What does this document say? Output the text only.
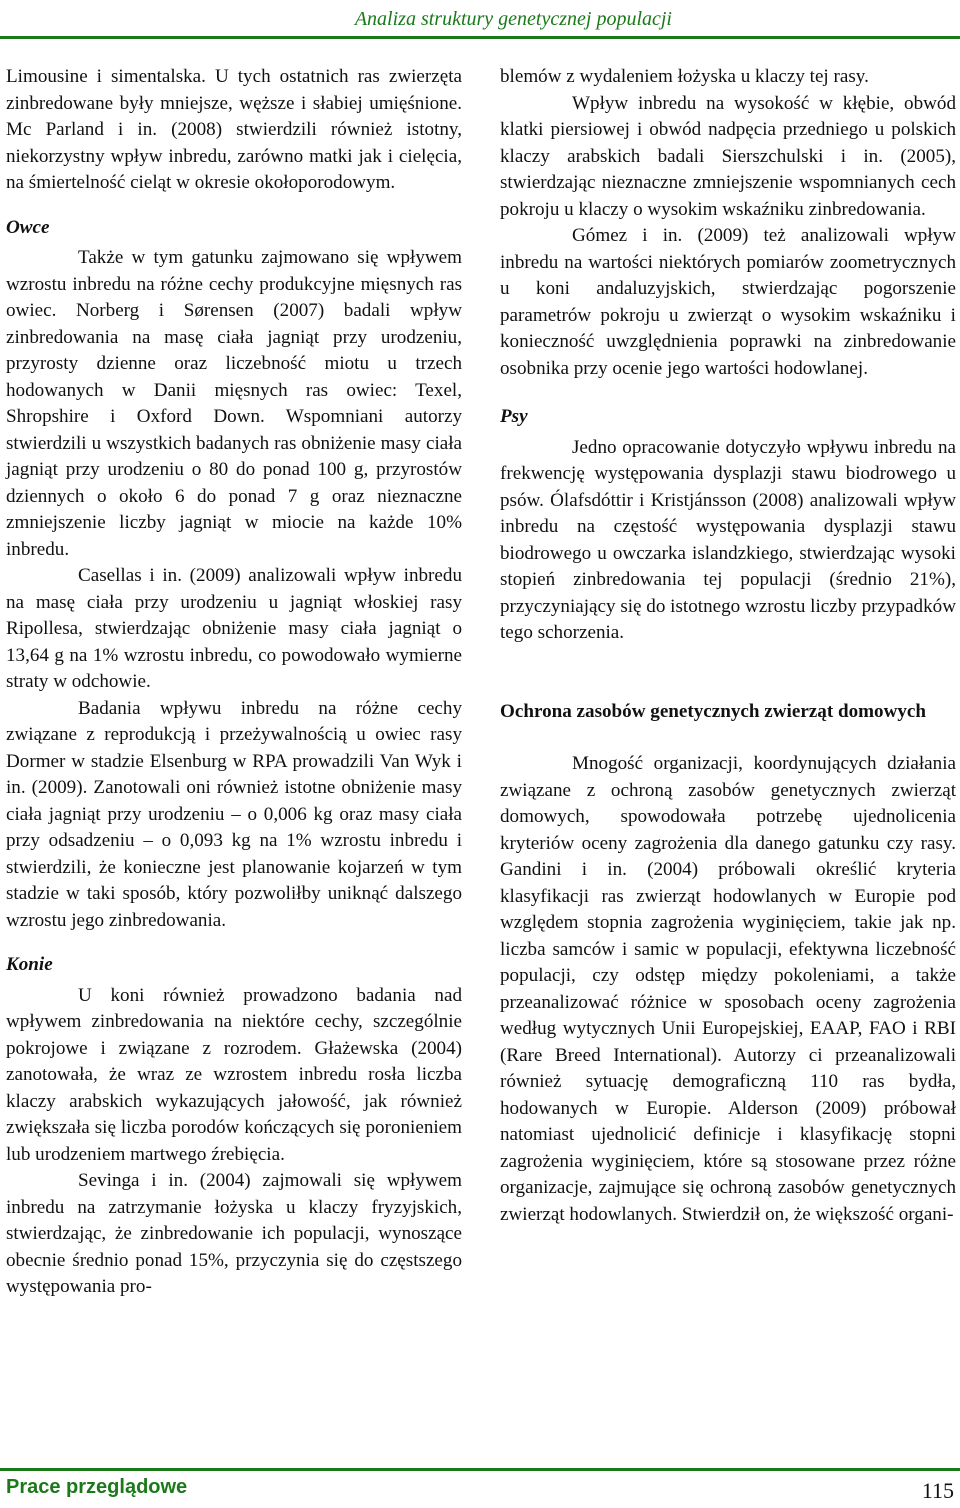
Analiza struktury genetycznej populacji

Limousine i simentalska. U tych ostatnich ras zwierzęta zinbredowane były mniejsze, węższe i słabiej umięśnione. Mc Parland i in. (2008) stwierdzili również istotny, niekorzystny wpływ inbredu, zarówno matki jak i cielęcia, na śmiertelność cieląt w okresie okołoporodowym.

Owce

Także w tym gatunku zajmowano się wpływem wzrostu inbredu na różne cechy produkcyjne mięsnych ras owiec. Norberg i Sørensen (2007) badali wpływ zinbredowania na masę ciała jagniąt przy urodzeniu, przyrosty dzienne oraz liczebność miotu u trzech hodowanych w Danii mięsnych ras owiec: Texel, Shropshire i Oxford Down. Wspomniani autorzy stwierdzili u wszystkich badanych ras obniżenie masy ciała jagniąt przy urodzeniu o 80 do ponad 100 g, przyrostów dziennych o około 6 do ponad 7 g oraz nieznaczne zmniejszenie liczby jagniąt w miocie na każde 10% inbredu.

Casellas i in. (2009) analizowali wpływ inbredu na masę ciała przy urodzeniu u jagniąt włoskiej rasy Ripollesa, stwierdzając obniżenie masy ciała jagniąt o 13,64 g na 1% wzrostu inbredu, co powodowało wymierne straty w odchowie.

Badania wpływu inbredu na różne cechy związane z reprodukcją i przeżywalnością u owiec rasy Dormer w stadzie Elsenburg w RPA prowadzili Van Wyk i in. (2009). Zanotowali oni również istotne obniżenie masy ciała jagniąt przy urodzeniu – o 0,006 kg oraz masy ciała przy odsadzeniu – o 0,093 kg na 1% wzrostu inbredu i stwierdzili, że konieczne jest planowanie kojarzeń w tym stadzie w taki sposób, który pozwoliłby uniknąć dalszego wzrostu jego zinbredowania.

Konie

U koni również prowadzono badania nad wpływem zinbredowania na niektóre cechy, szczególnie pokrojowe i związane z rozrodem. Głażewska (2004) zanotowała, że wraz ze wzrostem inbredu rosła liczba klaczy arabskich wykazujących jałowość, jak również zwiększała się liczba porodów kończących się poronieniem lub urodzeniem martwego źrebięcia.

Sevinga i in. (2004) zajmowali się wpływem inbredu na zatrzymanie łożyska u klaczy fryzyjskich, stwierdzając, że zinbredowanie ich populacji, wynoszące obecnie średnio ponad 15%, przyczynia się do częstszego występowania pro-

blemów z wydaleniem łożyska u klaczy tej rasy.

Wpływ inbredu na wysokość w kłębie, obwód klatki piersiowej i obwód nadpęcia przedniego u polskich klaczy arabskich badali Sierszchulski i in. (2005), stwierdzając nieznaczne zmniejszenie wspomnianych cech pokroju u klaczy o wysokim wskaźniku zinbredowania.

Gómez i in. (2009) też analizowali wpływ inbredu na wartości niektórych pomiarów zoometrycznych u koni andaluzyjskich, stwierdzając pogorszenie parametrów pokroju u zwierząt o wysokim wskaźniku i konieczność uwzględnienia poprawki na zinbredowanie osobnika przy ocenie jego wartości hodowlanej.

Psy

Jedno opracowanie dotyczyło wpływu inbredu na frekwencję występowania dysplazji stawu biodrowego u psów. Ólafsdóttir i Kristjánsson (2008) analizowali wpływ inbredu na częstość występowania dysplazji stawu biodrowego u owczarka islandzkiego, stwierdzając wysoki stopień zinbredowania tej populacji (średnio 21%), przyczyniający się do istotnego wzrostu liczby przypadków tego schorzenia.

Ochrona zasobów genetycznych zwierząt domowych

Mnogość organizacji, koordynujących działania związane z ochroną zasobów genetycznych zwierząt domowych, spowodowała potrzebę ujednolicenia kryteriów oceny zagrożenia dla danego gatunku czy rasy. Gandini i in. (2004) próbowali określić kryteria klasyfikacji ras zwierząt hodowlanych w Europie pod względem stopnia zagrożenia wyginięciem, takie jak np. liczba samców i samic w populacji, efektywna liczebność populacji, czy odstęp między pokoleniami, a także przeanalizować różnice w sposobach oceny zagrożenia według wytycznych Unii Europejskiej, EAAP, FAO i RBI (Rare Breed International). Autorzy ci przeanalizowali również sytuację demograficzną 110 ras bydła, hodowanych w Europie. Alderson (2009) próbował natomiast ujednolicić definicje i klasyfikację stopni zagrożenia wyginięciem, które są stosowane przez różne organizacje, zajmujące się ochroną zasobów genetycznych zwierząt hodowlanych. Stwierdził on, że większość organi-

Prace przeglądowe	115
